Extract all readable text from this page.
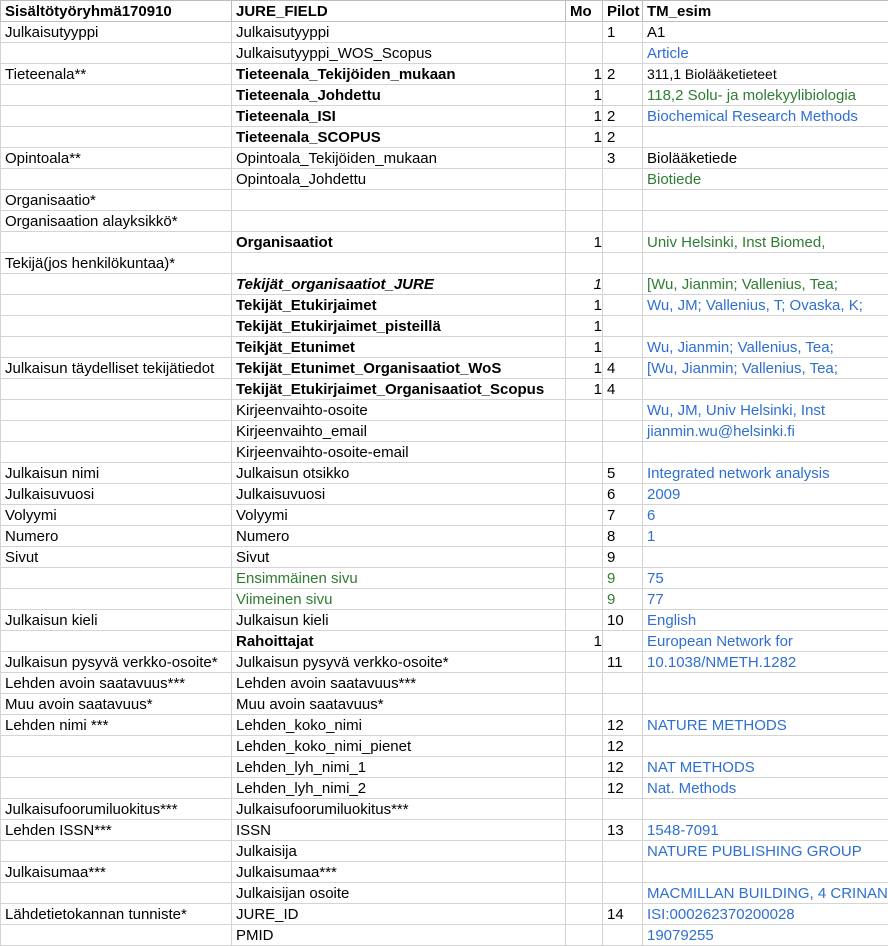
Sisältötyöryhmä170910	JURE_FIELD	Mo	Pilot	TM_esim
Julkaisutyyppi	Julkaisutyyppi		1	A1
	Julkaisutyyppi_WOS_Scopus			Article
Tieteenala**	Tieteenala_Tekijöiden_mukaan	1	2	311,1 Biolääketieteet
	Tieteenala_Johdettu	1		118,2 Solu- ja molekyylibiologia
	Tieteenala_ISI	1	2	Biochemical Research Methods
	Tieteenala_SCOPUS	1	2	
Opintoala**	Opintoala_Tekijöiden_mukaan		3	Biolääketiede
	Opintoala_Johdettu			Biotiede
Organisaatio*				
Organisaation alayksikkö*				
	Organisaatiot	1		Univ Helsinki, Inst Biomed,
Tekijä(jos henkilökuntaa)*				
	Tekijät_organisaatiot_JURE	1		[Wu, Jianmin; Vallenius, Tea;
	Tekijät_Etukirjaimet	1		Wu, JM; Vallenius, T; Ovaska, K;
	Tekijät_Etukirjaimet_pisteillä	1		
	Teikjät_Etunimet	1		Wu, Jianmin; Vallenius, Tea;
Julkaisun täydelliset tekijätiedot	Tekijät_Etunimet_Organisaatiot_WoS	1	4	[Wu, Jianmin; Vallenius, Tea;
	Tekijät_Etukirjaimet_Organisaatiot_Scopus	1	4	
	Kirjeenvaihto-osoite			Wu, JM, Univ Helsinki, Inst
	Kirjeenvaihto_email			jianmin.wu@helsinki.fi
	Kirjeenvaihto-osoite-email			
Julkaisun nimi	Julkaisun otsikko		5	Integrated network analysis
Julkaisuvuosi	Julkaisuvuosi		6	2009
Volyymi	Volyymi		7	6
Numero	Numero		8	1
Sivut	Sivut		9	
	Ensimmäinen sivu		9	75
	Viimeinen sivu		9	77
Julkaisun kieli	Julkaisun kieli		10	English
	Rahoittajat	1		European Network for
Julkaisun pysyvä verkko-osoite*	Julkaisun pysyvä verkko-osoite*		11	10.1038/NMETH.1282
Lehden avoin saatavuus***	Lehden avoin saatavuus***			
Muu avoin saatavuus*	Muu avoin saatavuus*			
Lehden nimi ***	Lehden_koko_nimi		12	NATURE METHODS
	Lehden_koko_nimi_pienet		12	
	Lehden_lyh_nimi_1		12	NAT METHODS
	Lehden_lyh_nimi_2		12	Nat. Methods
Julkaisufoorumiluokitus***	Julkaisufoorumiluokitus***			
Lehden ISSN***	ISSN		13	1548-7091
	Julkaisija			NATURE PUBLISHING GROUP
Julkaisumaa***	Julkaisumaa***			
	Julkaisijan osoite			MACMILLAN BUILDING, 4 CRINAN
Lähdetietokannan tunniste*	JURE_ID		14	ISI:000262370200028
	PMID			19079255
